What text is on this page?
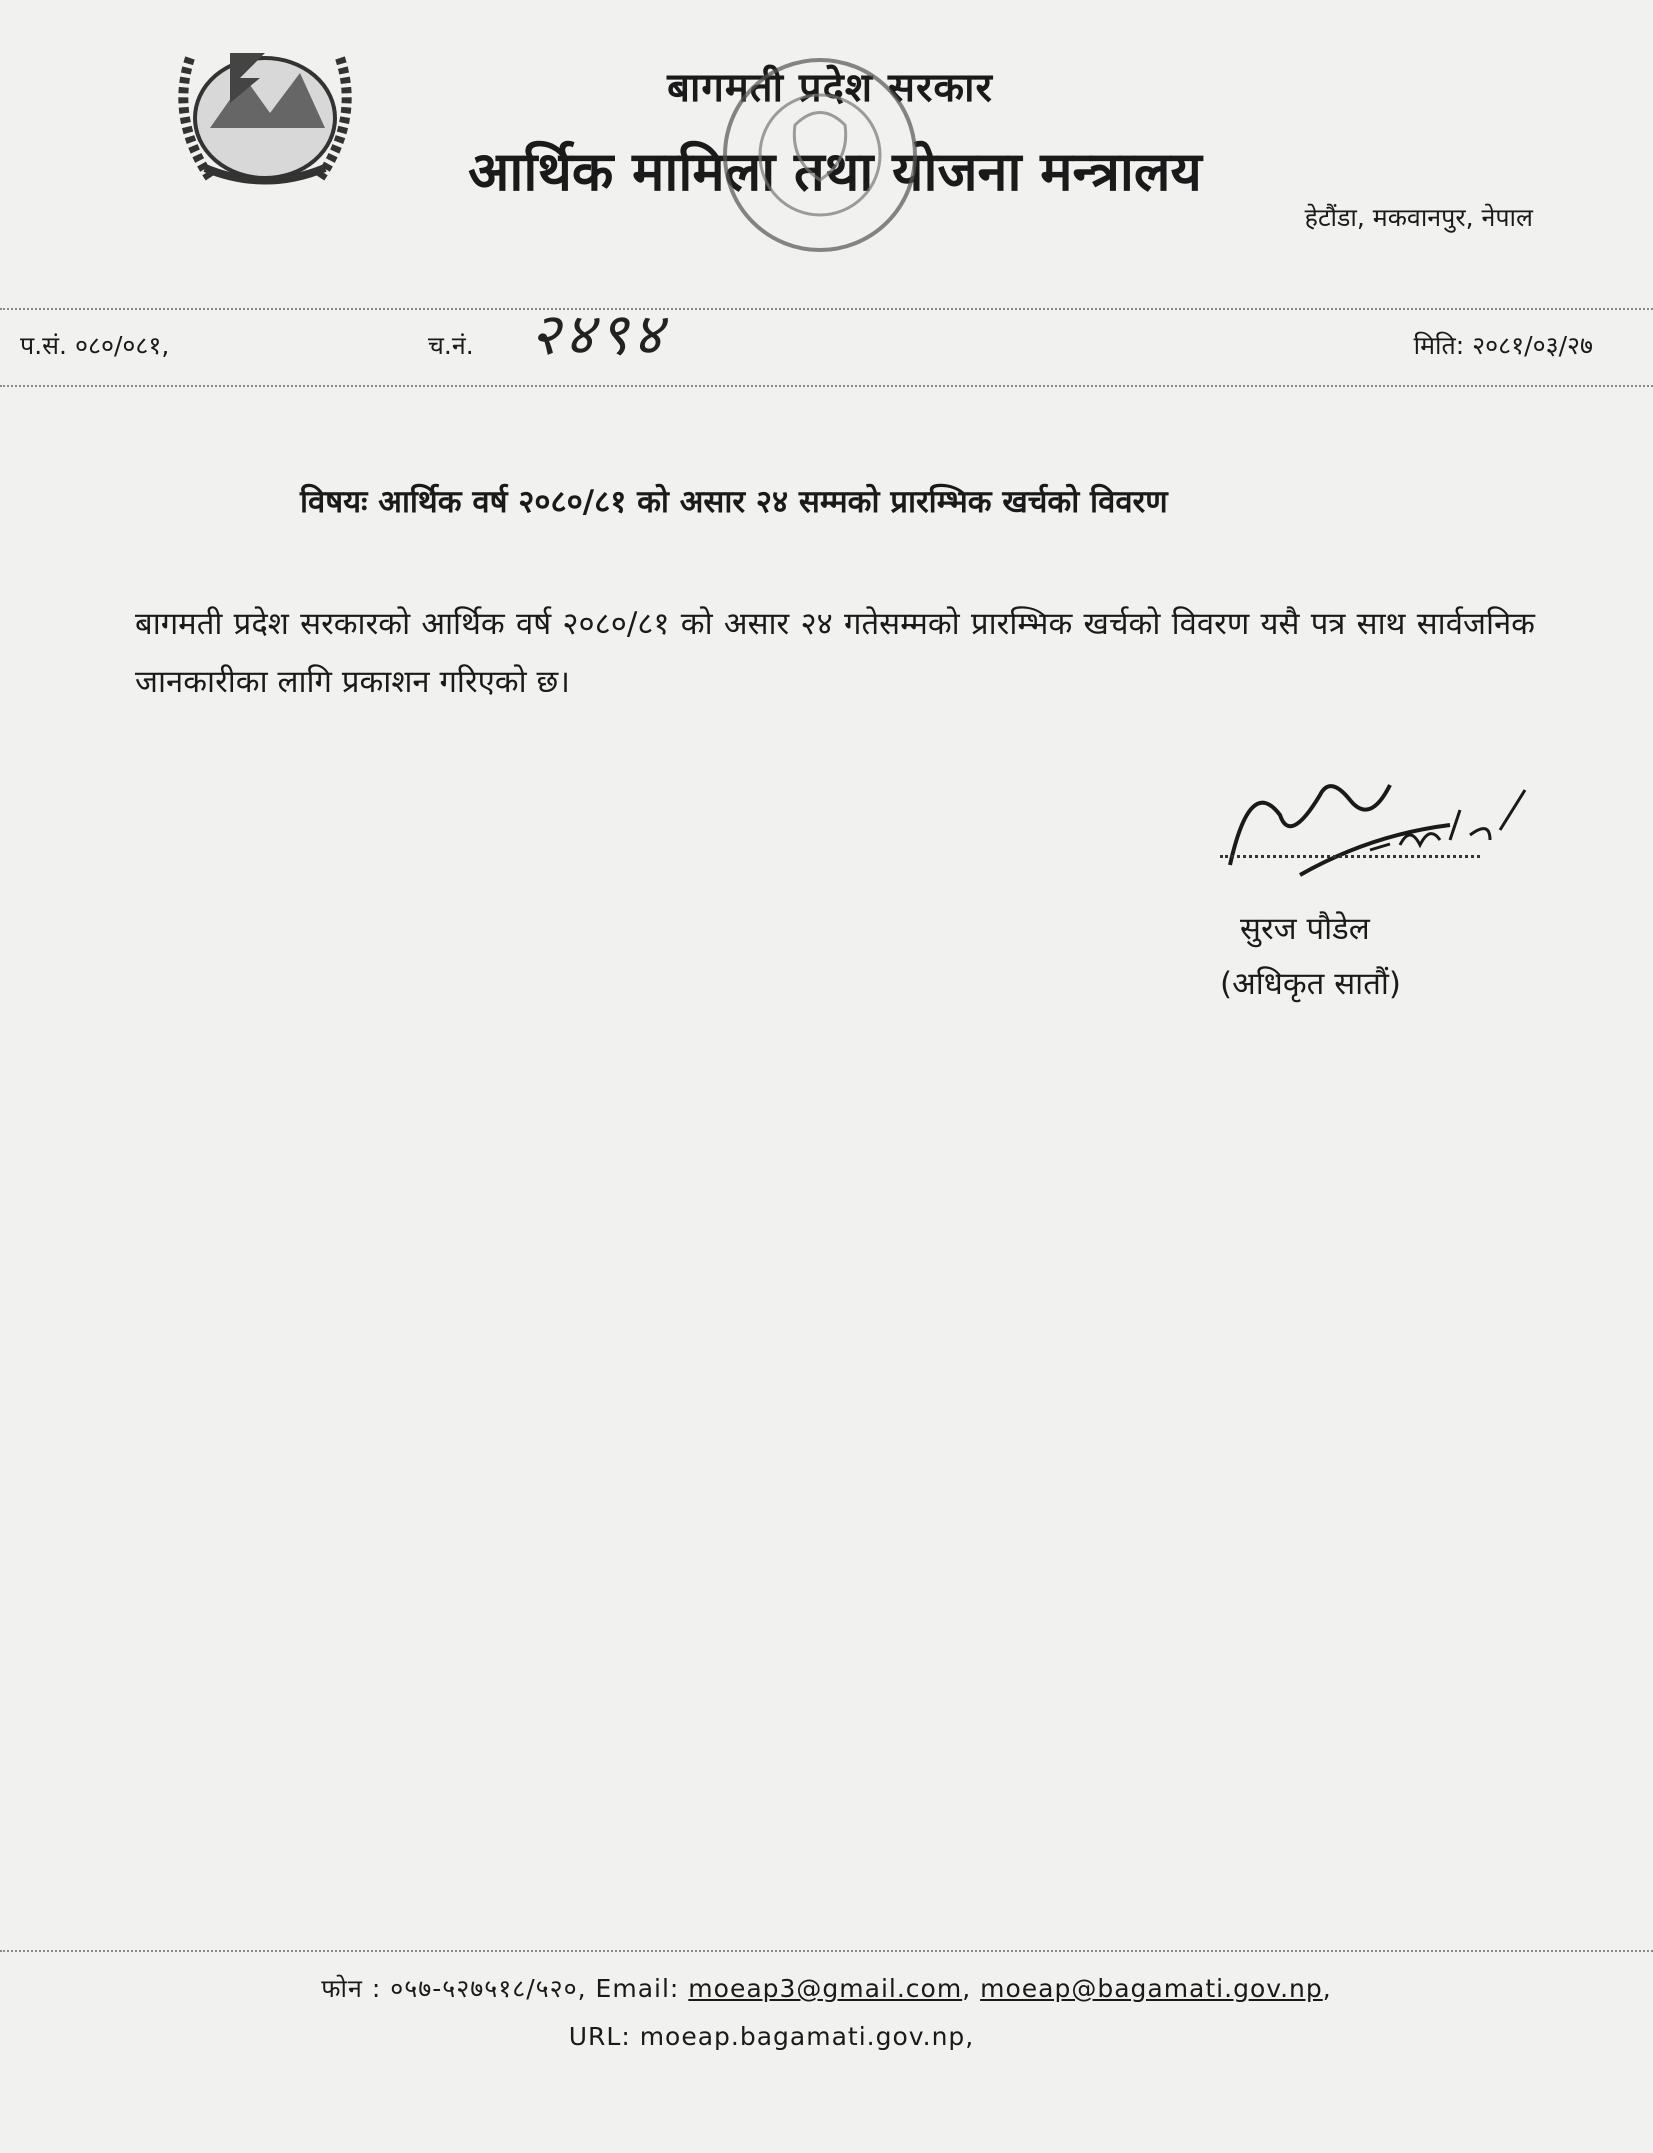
बागमती प्रदेश सरकार
आर्थिक मामिला तथा योजना मन्त्रालय
हेटौंडा, मकवानपुर, नेपाल
प.सं. ०८०/०८१,	च.नं. २४९४	मिति: २०८१/०३/२७
विषयः आर्थिक वर्ष २०८०/८१ को असार २४ सम्मको प्रारम्भिक खर्चको विवरण
बागमती प्रदेश सरकारको आर्थिक वर्ष २०८०/८१ को असार २४ गतेसम्मको प्रारम्भिक खर्चको विवरण यसै पत्र साथ सार्वजनिक जानकारीका लागि प्रकाशन गरिएको छ।
सुरज पौडेल
(अधिकृत सातौं)
फोन : ०५७-५२७५१८/५२०, Email: moeap3@gmail.com, moeap@bagamati.gov.np,
URL: moeap.bagamati.gov.np,
